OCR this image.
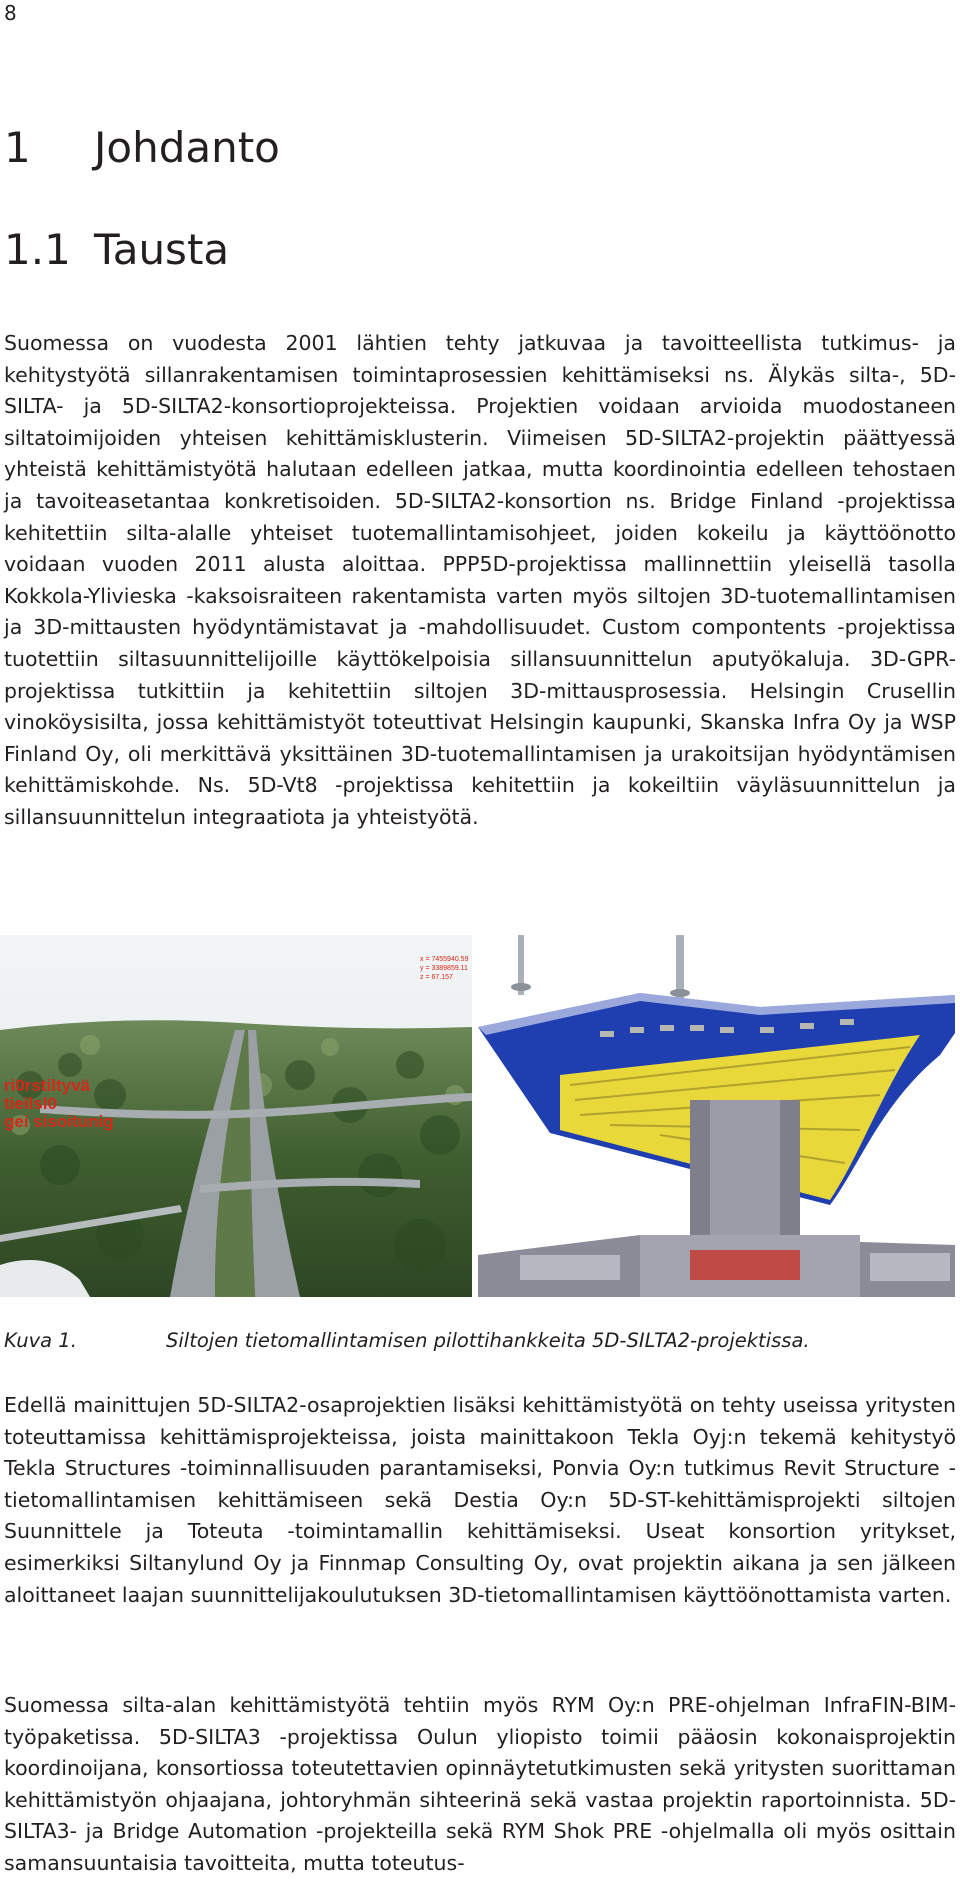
8
1 Johdanto
1.1 Tausta

Suomessa on vuodesta 2001 lähtien tehty jatkuvaa ja tavoitteellista tutkimus- ja kehitystyötä sillanrakentamisen toimintaprosessien kehittämiseksi ns. Älykäs silta-, 5D-SILTA- ja 5D-SILTA2-konsortioprojekteissa. Projektien voidaan arvioida muodostaneen siltatoimijoiden yhteisen kehittämisklusterin. Viimeisen 5D-SILTA2-projektin päättyessä yhteistä kehittämistyötä halutaan edelleen jatkaa, mutta koordinointia edelleen tehostaen ja tavoiteasetantaa konkretisoiden. 5D-SILTA2-konsortion ns. Bridge Finland -projektissa kehitettiin silta-alalle yhteiset tuotemallintamisohjeet, joiden kokeilu ja käyttöönotto voidaan vuoden 2011 alusta aloittaa. PPP5D-projektissa mallinnettiin yleisellä tasolla Kokkola-Ylivieska -kaksoisraiteen rakentamista varten myös siltojen 3D-tuotemallintamisen ja 3D-mittausten hyödyntämistavat ja -mahdollisuudet. Custom compontents -projektissa tuotettiin siltasuunnittelijoille käyttökelpoisia sillansuunnittelun aputyökaluja. 3D-GPR-projektissa tutkittiin ja kehitettiin siltojen 3D-mittausprosessia. Helsingin Crusellin vinoköysisilta, jossa kehittämistyöt toteuttivat Helsingin kaupunki, Skanska Infra Oy ja WSP Finland Oy, oli merkittävä yksittäinen 3D-tuotemallintamisen ja urakoitsijan hyödyntämisen kehittämiskohde. Ns. 5D-Vt8 -projektissa kehitettiin ja kokeiltiin väyläsuunnittelun ja sillansuunnittelun integraatiota ja yhteistyötä.

x = 7455940.59
y = 3389859.11
z = 67.157
ri0rstiltyvä
tieilsl0
gei sisoitunig
Kuva 1.	Siltojen tietomallintamisen pilottihankkeita 5D-SILTA2-projektissa.

Edellä mainittujen 5D-SILTA2-osaprojektien lisäksi kehittämistyötä on tehty useissa yritysten toteuttamissa kehittämisprojekteissa, joista mainittakoon Tekla Oyj:n tekemä kehitystyö Tekla Structures -toiminnallisuuden parantamiseksi, Ponvia Oy:n tutkimus Revit Structure -tietomallintamisen kehittämiseen sekä Destia Oy:n 5D-ST-kehittämisprojekti siltojen Suunnittele ja Toteuta -toimintamallin kehittämiseksi. Useat konsortion yritykset, esimerkiksi Siltanylund Oy ja Finnmap Consulting Oy, ovat projektin aikana ja sen jälkeen aloittaneet laajan suunnittelijakoulutuksen 3D-tietomallintamisen käyttöönottamista varten.

Suomessa silta-alan kehittämistyötä tehtiin myös RYM Oy:n PRE-ohjelman InfraFIN-BIM-työpaketissa. 5D-SILTA3 -projektissa Oulun yliopisto toimii pääosin kokonaisprojektin koordinoijana, konsortiossa toteutettavien opinnäytetutkimusten sekä yritysten suorittaman kehittämistyön ohjaajana, johtoryhmän sihteerinä sekä vastaa projektin raportoinnista. 5D-SILTA3- ja Bridge Automation -projekteilla sekä RYM Shok PRE -ohjelmalla oli myös osittain samansuuntaisia tavoitteita, mutta toteutus-
